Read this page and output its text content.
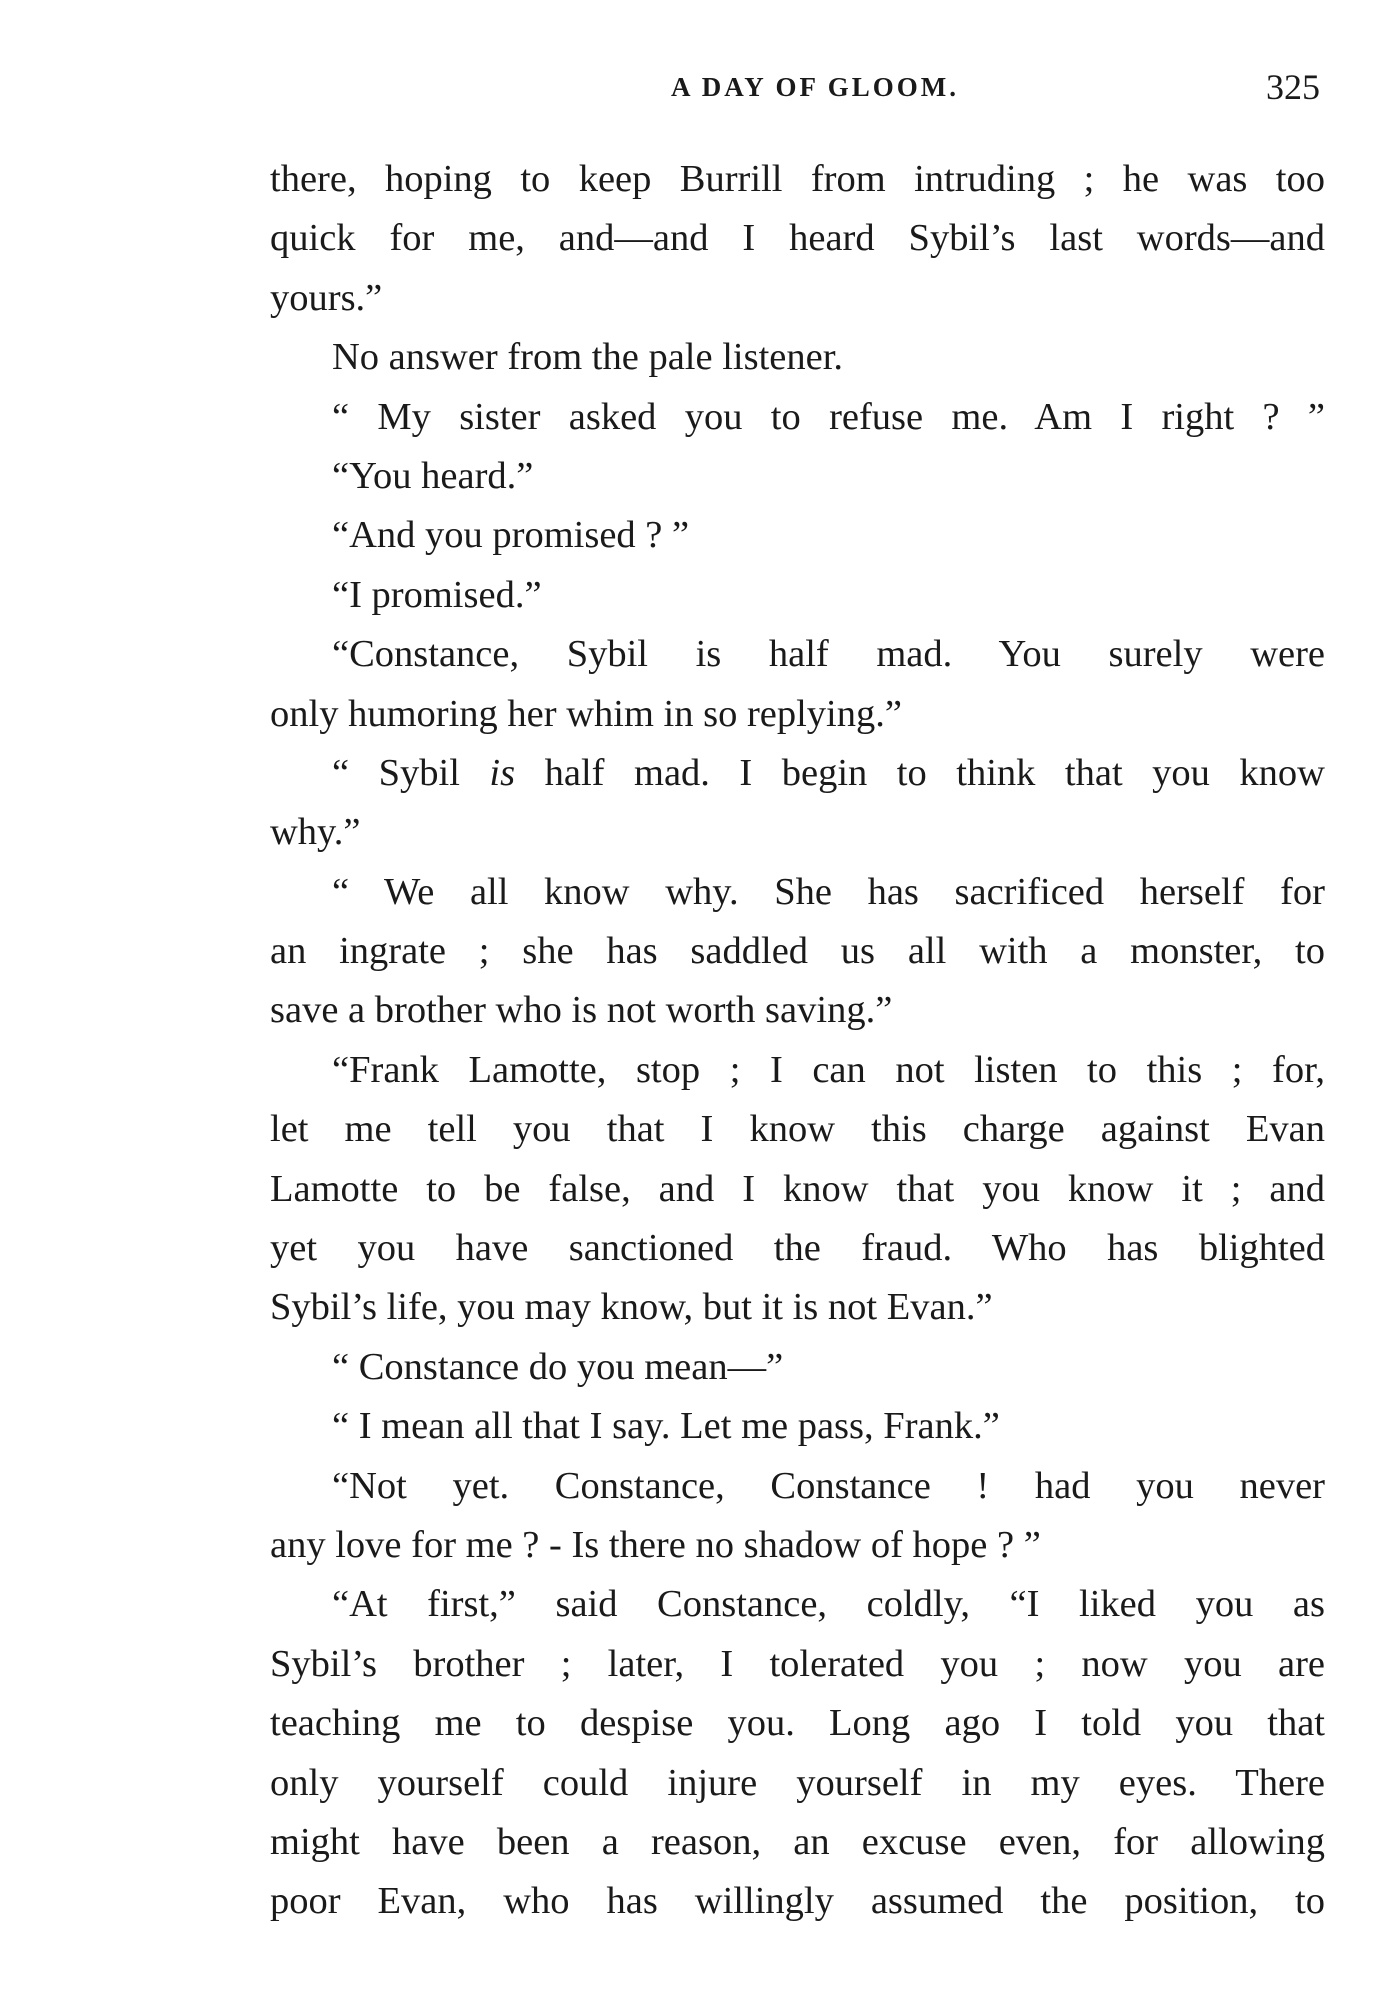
A DAY OF GLOOM.	325
there, hoping to keep Burrill from intruding ; he was too
quick for me, and—and I heard Sybil’s last words—and
yours.”
No answer from the pale listener.
“ My sister asked you to refuse me. Am I right ? ”
“You heard.”
“And you promised ? ”
“I promised.”
“Constance, Sybil is half mad. You surely were
only humoring her whim in so replying.”
“ Sybil is half mad. I begin to think that you know
why.”
“ We all know why. She has sacrificed herself for
an ingrate ; she has saddled us all with a monster, to
save a brother who is not worth saving.”
“Frank Lamotte, stop ; I can not listen to this ; for,
let me tell you that I know this charge against Evan
Lamotte to be false, and I know that you know it ; and
yet you have sanctioned the fraud. Who has blighted
Sybil’s life, you may know, but it is not Evan.”
“ Constance do you mean—”
“ I mean all that I say. Let me pass, Frank.”
“Not yet. Constance, Constance ! had you never
any love for me ? - Is there no shadow of hope ? ”
“At first,” said Constance, coldly, “I liked you as
Sybil’s brother ; later, I tolerated you ; now you are
teaching me to despise you. Long ago I told you that
only yourself could injure yourself in my eyes. There
might have been a reason, an excuse even, for allowing
poor Evan, who has willingly assumed the position, to
